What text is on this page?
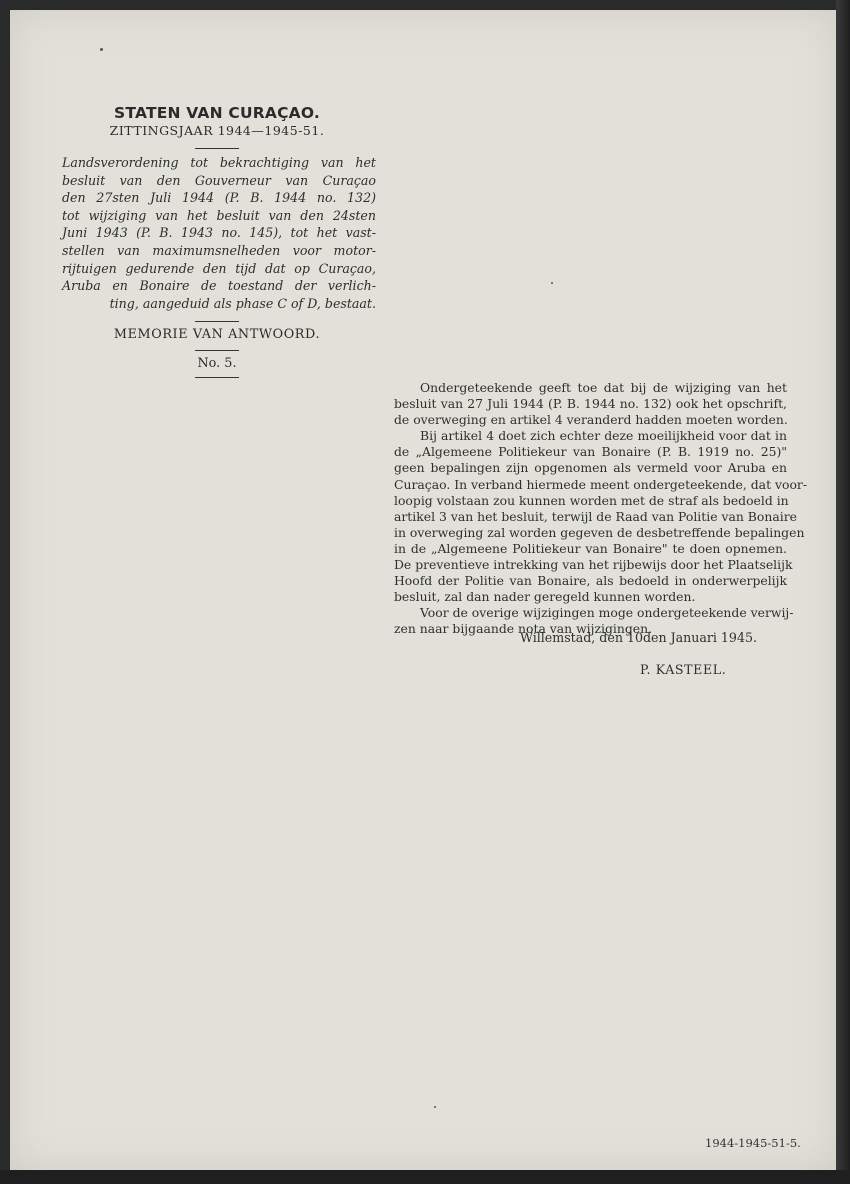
STATEN VAN CURAÇAO.

ZITTINGSJAAR 1944—1945-51.

Landsverordening tot bekrachtiging van het
besluit van den Gouverneur van Curaçao
den 27sten Juli 1944 (P. B. 1944 no. 132)
tot wijziging van het besluit van den 24sten
Juni 1943 (P. B. 1943 no. 145), tot het vast-
stellen van maximumsnelheden voor motor-
rijtuigen gedurende den tijd dat op Curaçao,
Aruba en Bonaire de toestand der verlich-
ting, aangeduid als phase C of D, bestaat.

MEMORIE VAN ANTWOORD.

No. 5.

Ondergeteekende geeft toe dat bij de wijziging van het
besluit van 27 Juli 1944 (P. B. 1944 no. 132) ook het opschrift,
de overweging en artikel 4 veranderd hadden moeten worden.
Bij artikel 4 doet zich echter deze moeilijkheid voor dat in
de „Algemeene Politiekeur van Bonaire (P. B. 1919 no. 25)"
geen bepalingen zijn opgenomen als vermeld voor Aruba en
Curaçao. In verband hiermede meent ondergeteekende, dat voor-
loopig volstaan zou kunnen worden met de straf als bedoeld in
artikel 3 van het besluit, terwijl de Raad van Politie van Bonaire
in overweging zal worden gegeven de desbetreffende bepalingen
in de „Algemeene Politiekeur van Bonaire" te doen opnemen.
De preventieve intrekking van het rijbewijs door het Plaatselijk
Hoofd der Politie van Bonaire, als bedoeld in onderwerpelijk
besluit, zal dan nader geregeld kunnen worden.
Voor de overige wijzigingen moge ondergeteekende verwij-
zen naar bijgaande nota van wijzigingen.
Willemstad, den 10den Januari 1945.
P. KASTEEL.
1944-1945-51-5.
